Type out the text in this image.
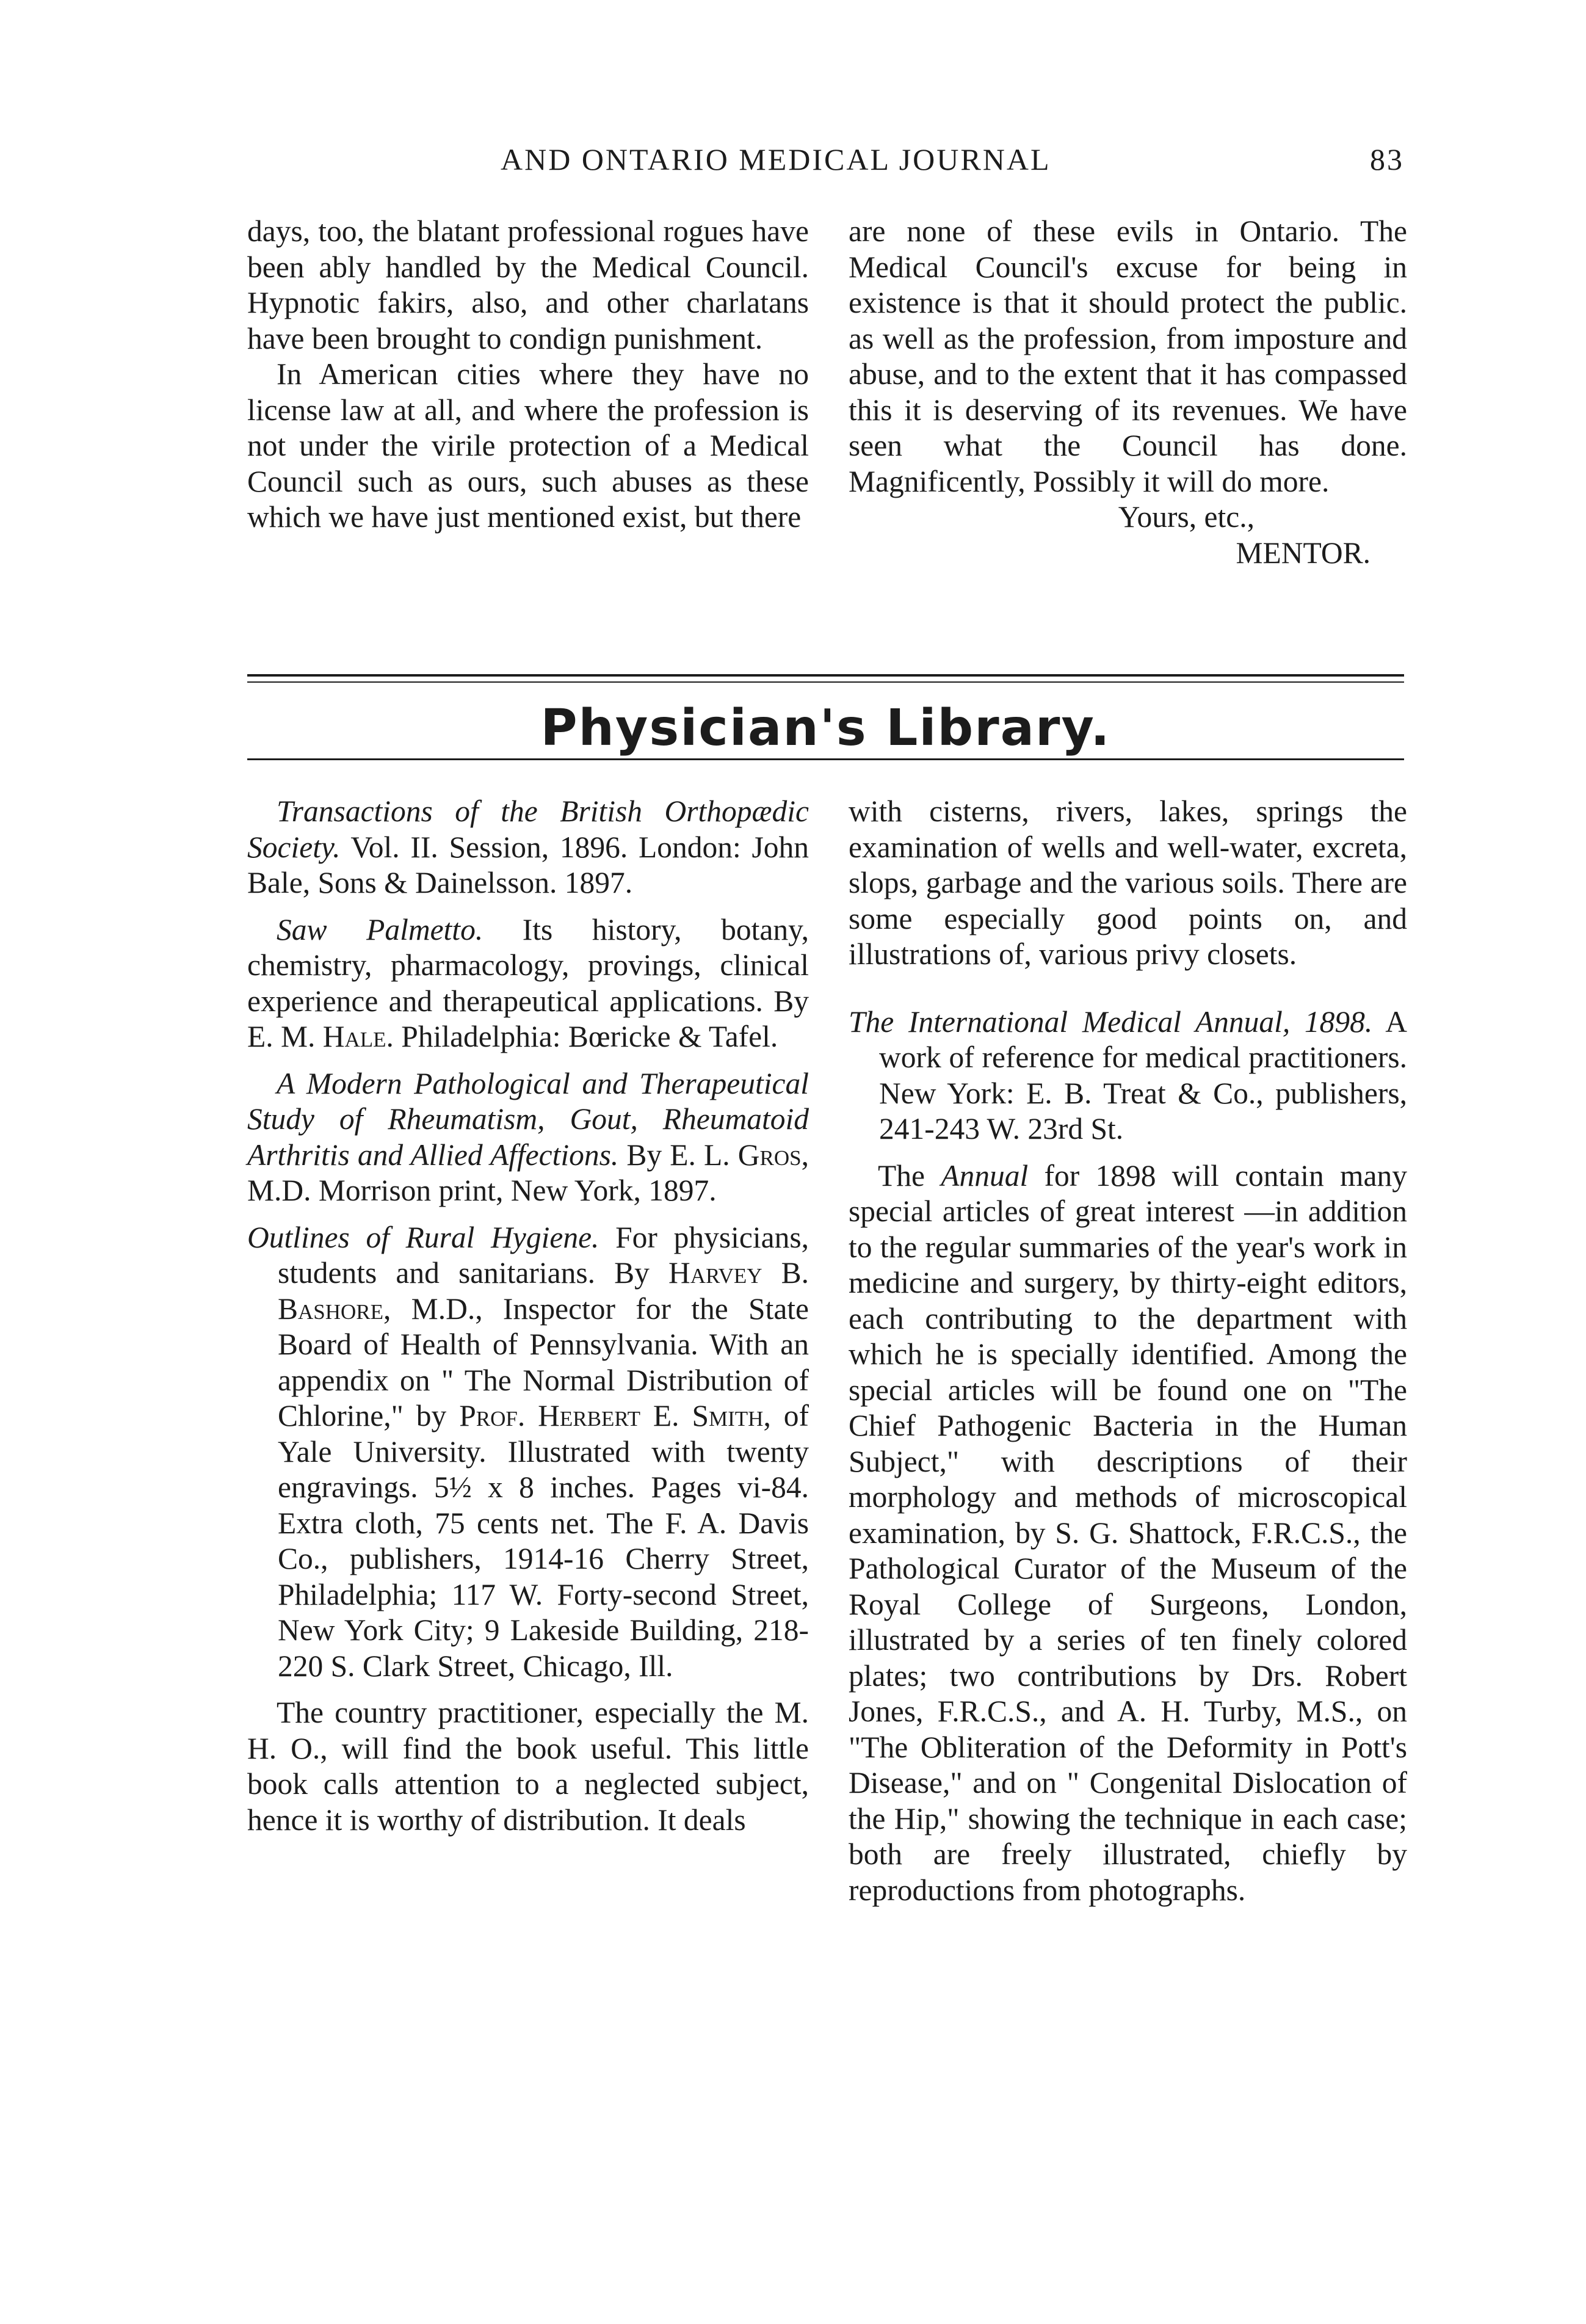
AND ONTARIO MEDICAL JOURNAL	83

days, too, the blatant professional rogues have been ably handled by the Medical Council. Hypnotic fakirs, also, and other charlatans have been brought to condign punishment.

In American cities where they have no license law at all, and where the profession is not under the virile protection of a Medical Council such as ours, such abuses as these which we have just mentioned exist, but there

are none of these evils in Ontario. The Medical Council's excuse for being in existence is that it should protect the public. as well as the profession, from imposture and abuse, and to the extent that it has compassed this it is deserving of its revenues. We have seen what the Council has done. Magnificently, Possibly it will do more.

Yours, etc.,

MENTOR.

Physician's Library.

Transactions of the British Orthopædic Society. Vol. II. Session, 1896. London: John Bale, Sons & Dainelsson. 1897.

Saw Palmetto. Its history, botany, chemistry, pharmacology, provings, clinical experience and therapeutical applications. By E. M. Hale. Philadelphia: Bœricke & Tafel.

A Modern Pathological and Therapeutical Study of Rheumatism, Gout, Rheumatoid Arthritis and Allied Affections. By E. L. Gros, M.D. Morrison print, New York, 1897.

Outlines of Rural Hygiene. For physicians, students and sanitarians. By Harvey B. Bashore, M.D., Inspector for the State Board of Health of Pennsylvania. With an appendix on " The Normal Distribution of Chlorine," by Prof. Herbert E. Smith, of Yale University. Illustrated with twenty engravings. 5½ x 8 inches. Pages vi-84. Extra cloth, 75 cents net. The F. A. Davis Co., publishers, 1914-16 Cherry Street, Philadelphia; 117 W. Forty-second Street, New York City; 9 Lakeside Building, 218-220 S. Clark Street, Chicago, Ill.

The country practitioner, especially the M. H. O., will find the book useful. This little book calls attention to a neglected subject, hence it is worthy of distribution. It deals

with cisterns, rivers, lakes, springs the examination of wells and well-water, excreta, slops, garbage and the various soils. There are some especially good points on, and illustrations of, various privy closets.

The International Medical Annual, 1898. A work of reference for medical practitioners. New York: E. B. Treat & Co., publishers, 241-243 W. 23rd St.

The Annual for 1898 will contain many special articles of great interest —in addition to the regular summaries of the year's work in medicine and surgery, by thirty-eight editors, each contributing to the department with which he is specially identified. Among the special articles will be found one on "The Chief Pathogenic Bacteria in the Human Subject," with descriptions of their morphology and methods of microscopical examination, by S. G. Shattock, F.R.C.S., the Pathological Curator of the Museum of the Royal College of Surgeons, London, illustrated by a series of ten finely colored plates; two contributions by Drs. Robert Jones, F.R.C.S., and A. H. Turby, M.S., on "The Obliteration of the Deformity in Pott's Disease," and on " Congenital Dislocation of the Hip," showing the technique in each case; both are freely illustrated, chiefly by reproductions from photographs.
